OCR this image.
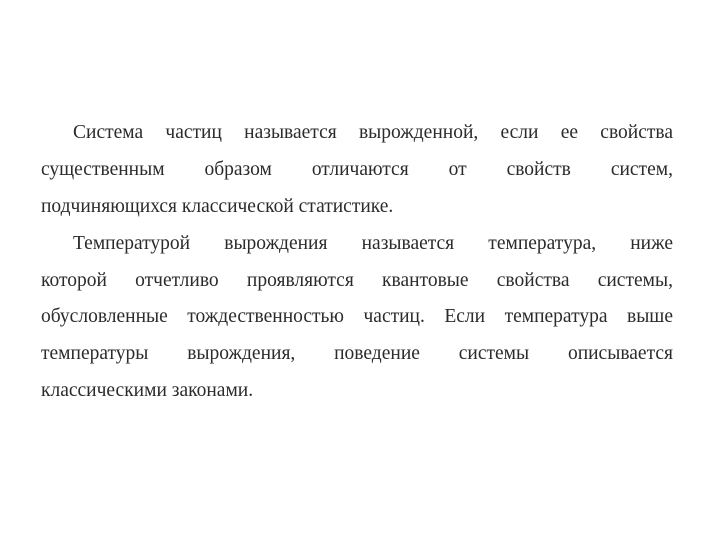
Система частиц называется вырожденной, если ее свойства
существенным образом отличаются от свойств систем,
подчиняющихся классической статистике.
Температурой вырождения называется температура, ниже
которой отчетливо проявляются квантовые свойства системы,
обусловленные тождественностью частиц. Если температура выше
температуры вырождения, поведение системы описывается
классическими законами.
